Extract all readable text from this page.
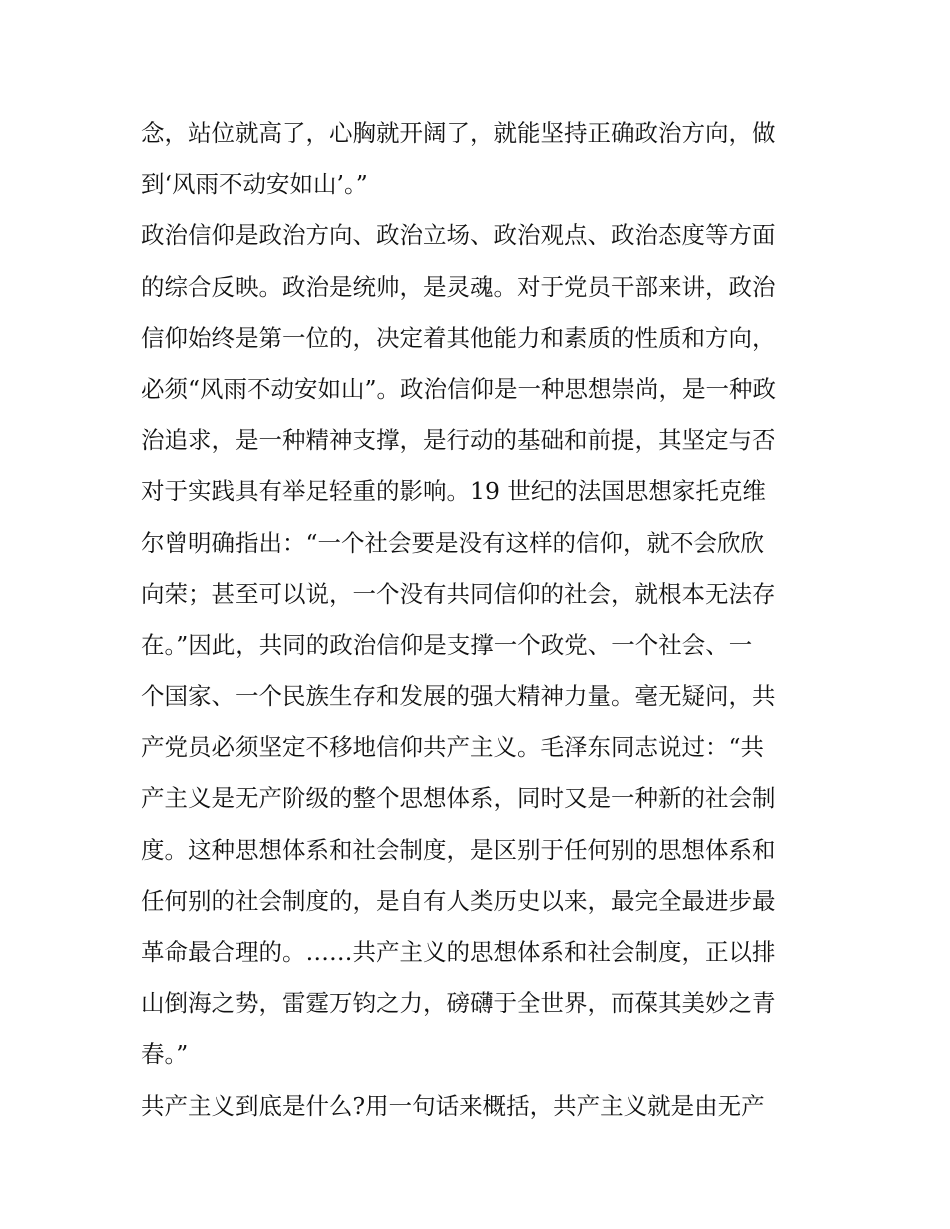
念，站位就高了，心胸就开阔了，就能坚持正确政治方向，做
到‘风雨不动安如山’。”
政治信仰是政治方向、政治立场、政治观点、政治态度等方面
的综合反映。政治是统帅，是灵魂。对于党员干部来讲，政治
信仰始终是第一位的，决定着其他能力和素质的性质和方向，
必须“风雨不动安如山”。政治信仰是一种思想崇尚，是一种政
治追求，是一种精神支撑，是行动的基础和前提，其坚定与否
对于实践具有举足轻重的影响。19 世纪的法国思想家托克维
尔曾明确指出：“一个社会要是没有这样的信仰，就不会欣欣
向荣；甚至可以说，一个没有共同信仰的社会，就根本无法存
在。”因此，共同的政治信仰是支撑一个政党、一个社会、一
个国家、一个民族生存和发展的强大精神力量。毫无疑问，共
产党员必须坚定不移地信仰共产主义。毛泽东同志说过：“共
产主义是无产阶级的整个思想体系，同时又是一种新的社会制
度。这种思想体系和社会制度，是区别于任何别的思想体系和
任何别的社会制度的，是自有人类历史以来，最完全最进步最
革命最合理的。……共产主义的思想体系和社会制度，正以排
山倒海之势，雷霆万钧之力，磅礴于全世界，而葆其美妙之青
春。”
共产主义到底是什么?用一句话来概括，共产主义就是由无产
